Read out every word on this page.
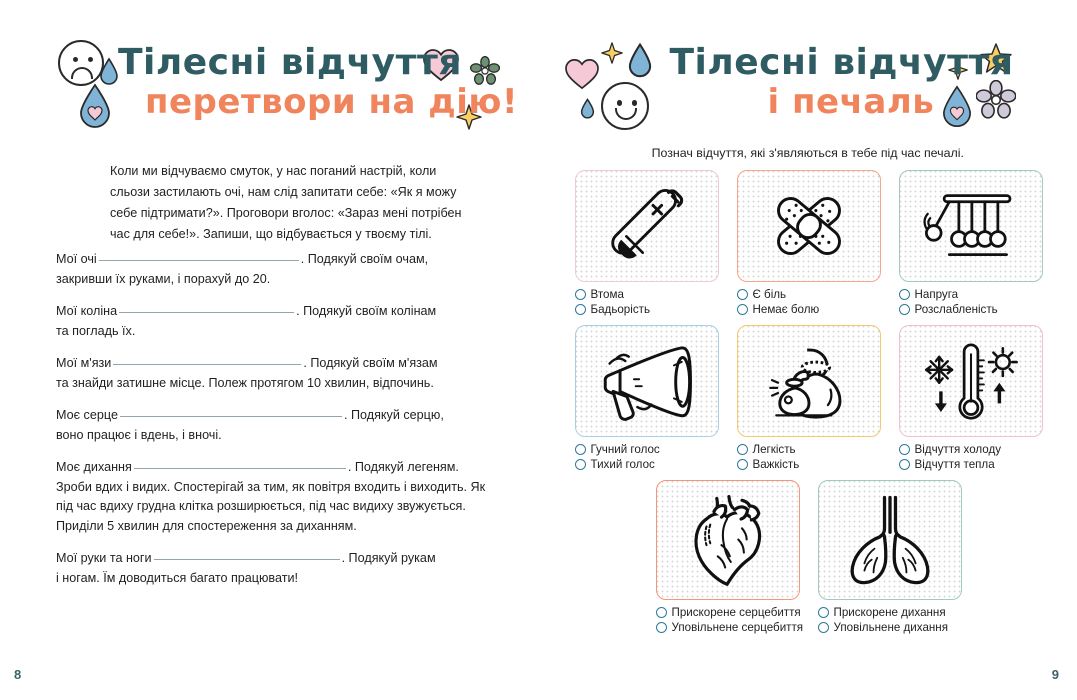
Тілесні відчуття
перетвори на дію!

Коли ми відчуваємо смуток, у нас поганий настрій, коли сльози застилають очі, нам слід запитати себе: «Як я можу себе підтримати?». Проговори вголос: «Зараз мені потрібен час для себе!». Запиши, що відбувається у твоєму тілі.

Мої очі	. Подякуй своїм очам,
закривши їх руками, і порахуй до 20.
Мої коліна	. Подякуй своїм колінам
та погладь їх.
Мої м'язи	. Подякуй своїм м'язам
та знайди затишне місце. Полеж протягом 10 хвилин, відпочинь.
Моє серце	. Подякуй серцю,
воно працює і вдень, і вночі.
Моє дихання	. Подякуй легеням.
Зроби вдих і видих. Спостерігай за тим, як повітря входить і виходить. Як під час вдиху грудна клітка розширюється, під час видиху звужується. Приділи 5 хвилин для спостереження за диханням.
Мої руки та ноги	. Подякуй рукам
і ногам. Їм доводиться багато працювати!
8
Тілесні відчуття
і печаль
Познач відчуття, які з'являються в тебе під час печалі.
Втома
Бадьорість
Є біль
Немає болю
Напруга
Розслабленість
Гучний голос
Тихий голос
Легкість
Важкість
Відчуття холоду
Відчуття тепла
Прискорене серцебиття
Уповільнене серцебиття
Прискорене дихання
Уповільнене дихання
9
